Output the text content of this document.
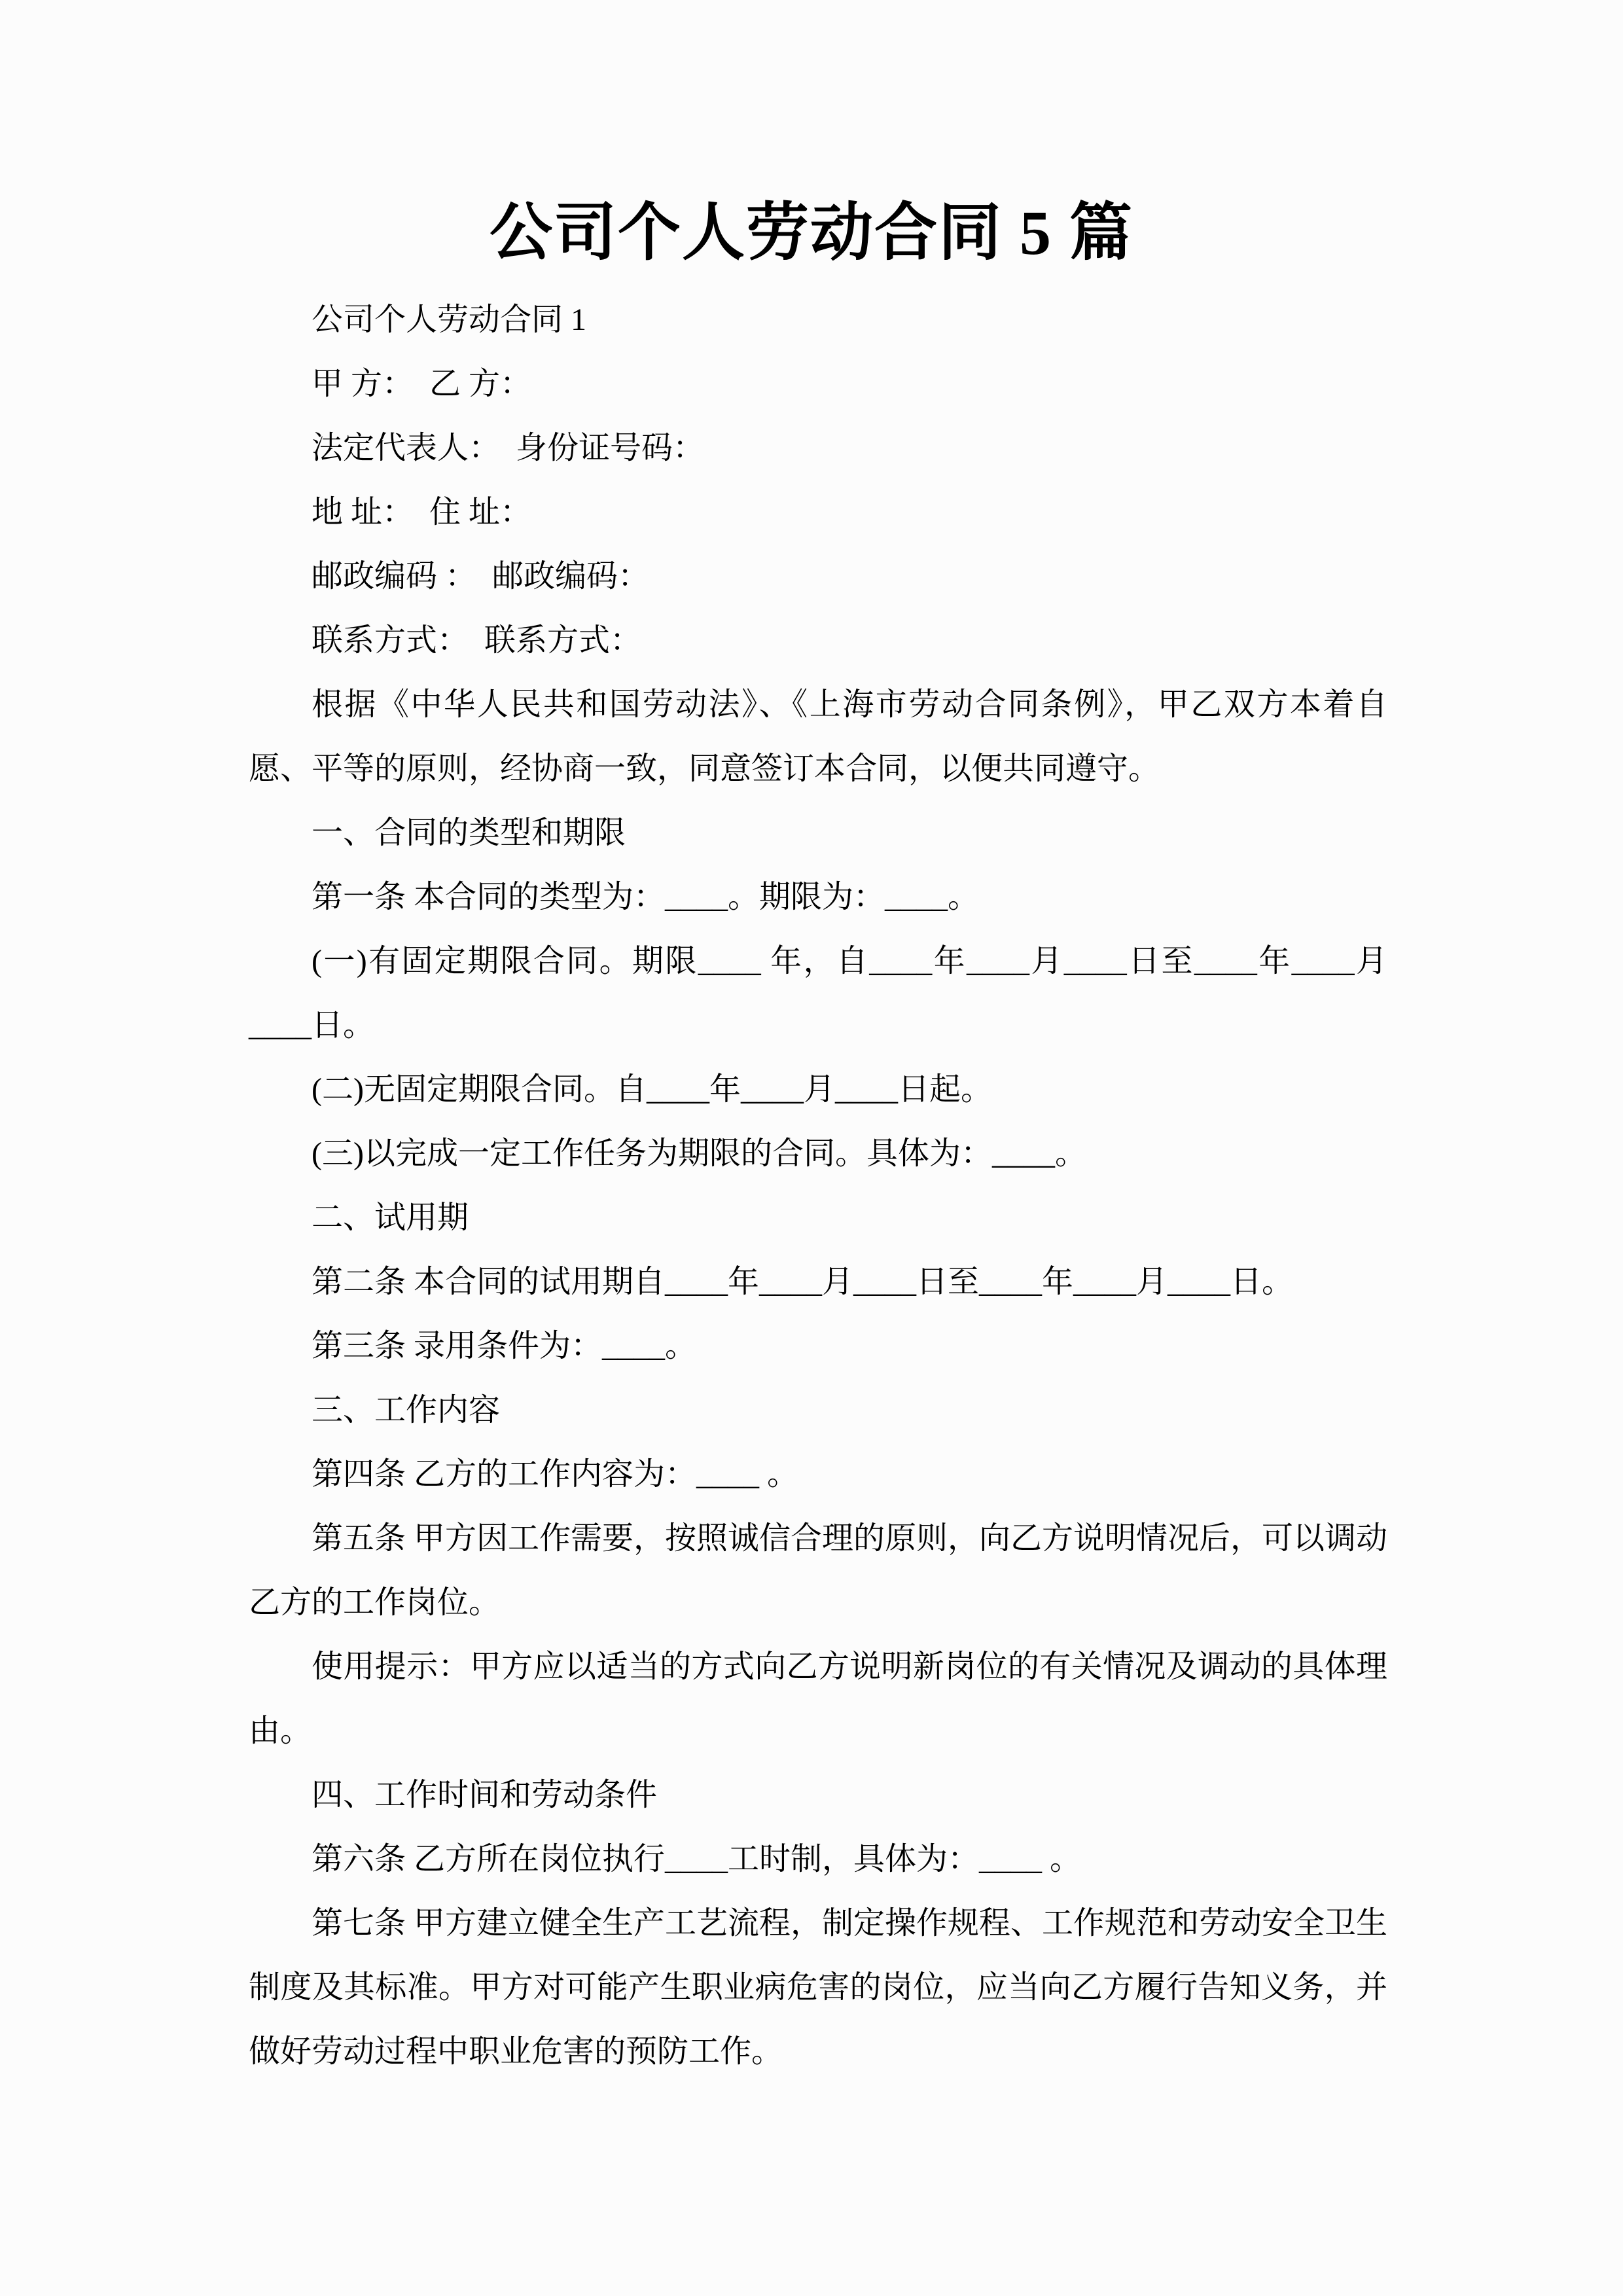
公司个人劳动合同 5 篇

公司个人劳动合同 1

甲 方：　乙 方：

法定代表人：　身份证号码：

地 址：　住 址：

邮政编码 ：　邮政编码：

联系方式：　联系方式：

根据《中华人民共和国劳动法》、《上海市劳动合同条例》，甲乙双方本着自愿、平等的原则，经协商一致，同意签订本合同，以便共同遵守。

一、合同的类型和期限

第一条 本合同的类型为：____。期限为：____。

(一)有固定期限合同。期限____ 年，自____年____月____日至____年____月____日。

(二)无固定期限合同。自____年____月____日起。

(三)以完成一定工作任务为期限的合同。具体为：____。

二、试用期

第二条 本合同的试用期自____年____月____日至____年____月____日。

第三条 录用条件为：____。

三、工作内容

第四条 乙方的工作内容为：____ 。

第五条 甲方因工作需要，按照诚信合理的原则，向乙方说明情况后，可以调动乙方的工作岗位。

使用提示：甲方应以适当的方式向乙方说明新岗位的有关情况及调动的具体理由。

四、工作时间和劳动条件

第六条 乙方所在岗位执行____工时制，具体为：____ 。

第七条 甲方建立健全生产工艺流程，制定操作规程、工作规范和劳动安全卫生制度及其标准。甲方对可能产生职业病危害的岗位，应当向乙方履行告知义务，并做好劳动过程中职业危害的预防工作。
